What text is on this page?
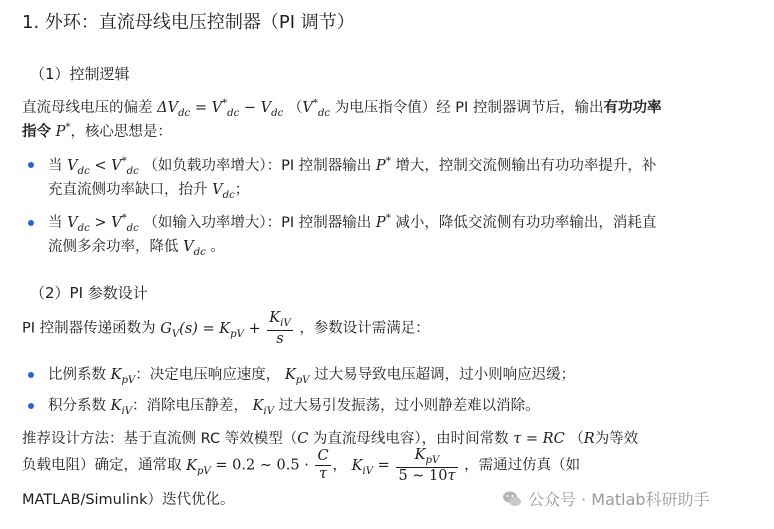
1. 外环：直流母线电压控制器（PI 调节）
（1）控制逻辑
直流母线电压的偏差 $\Delta V_{dc} = V^*_{dc} - V_{dc}$ （$V^*_{dc}$ 为电压指令值）经 PI 控制器调节后，输出有功功率
指令 P*，核心思想是：
当 $V_{dc} < V^*_{dc}$ （如负载功率增大）：PI 控制器输出 P* 增大，控制交流侧输出有功功率提升，补
充直流侧功率缺口，抬升 $V_{dc}$；
当 $V_{dc} > V^*_{dc}$ （如输入功率增大）：PI 控制器输出 P* 减小，降低交流侧有功功率输出，消耗直
流侧多余功率，降低 $V_{dc}$ 。
（2）PI 参数设计
PI 控制器传递函数为 $G_V(s) = K_{pV} + \frac{K_{iV}}{s}$ ，参数设计需满足：
比例系数 $K_{pV}$：决定电压响应速度， $K_{pV}$ 过大易导致电压超调，过小则响应迟缓；
积分系数 $K_{iV}$：消除电压静差， $K_{iV}$ 过大易引发振荡，过小则静差难以消除。
推荐设计方法：基于直流侧 RC 等效模型（C 为直流母线电容），由时间常数 τ = RC （R为等效
负载电阻）确定，通常取 $K_{pV} = 0.2$ ∼ $0.5 \cdot \frac{C}{\tau}$ ， $K_{iV} = \frac{K_{pV}}{5 \sim 10\tau}$ ，需通过仿真（如
MATLAB/Simulink）迭代优化。	公众号 · Matlab科研助手
